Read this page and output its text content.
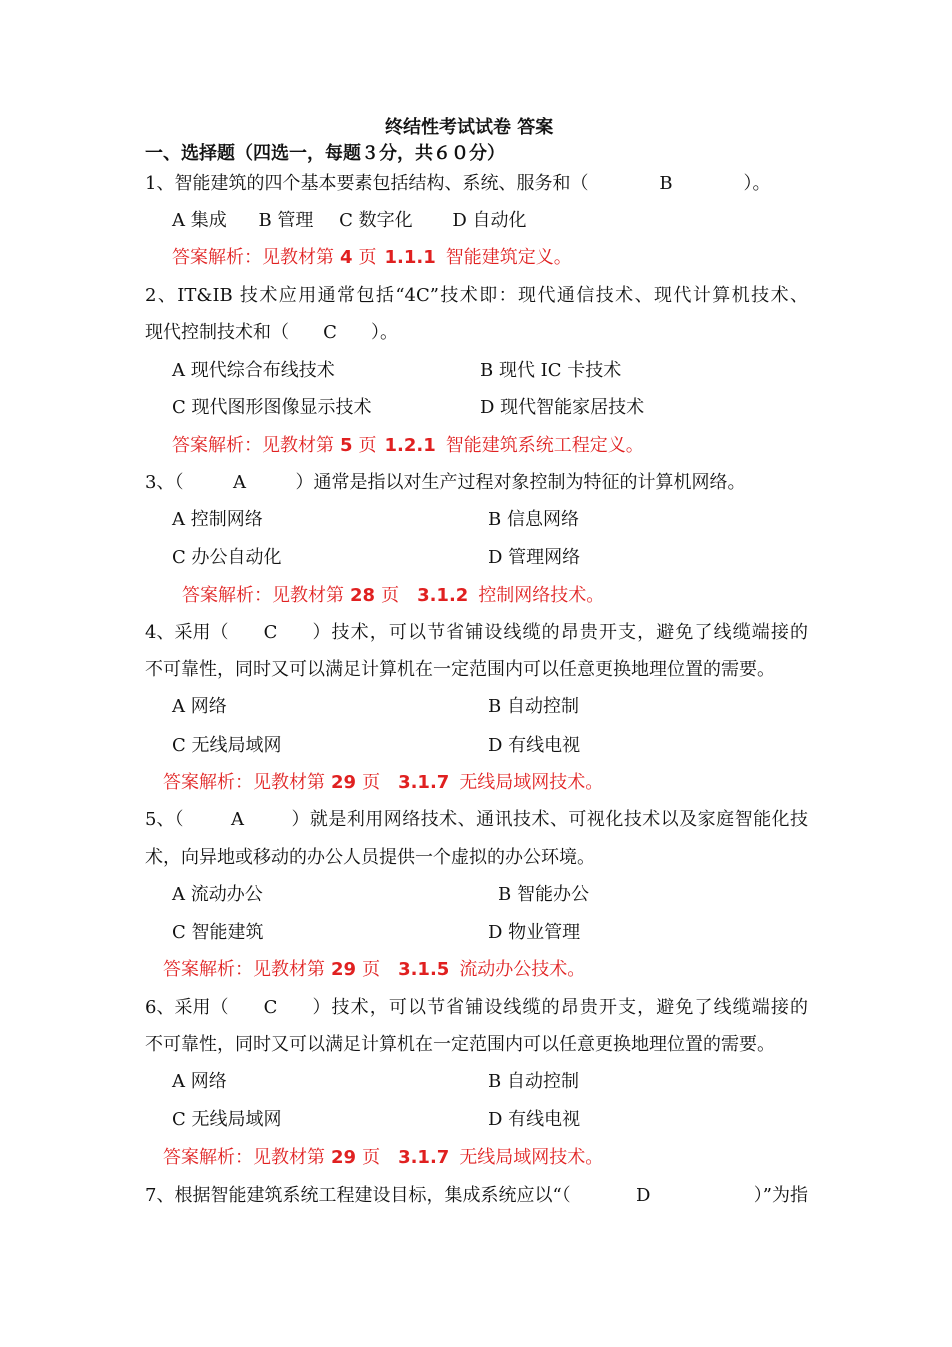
终结性考试试卷 答案
一、选择题（四选一，每题３分，共６０分）
1、智能建筑的四个基本要素包括结构、系统、服务和（	B	）。
A 集成 B 管理 C 数字化 D 自动化
答案解析：见教材第 4 页 1.1.1 智能建筑定义。
2、IT&IB 技术应用通常包括“4C”技术即：现代通信技术、现代计算机技术、
现代控制技术和（ C ）。
A 现代综合布线技术	B 现代 IC 卡技术
C 现代图形图像显示技术	D 现代智能家居技术
答案解析：见教材第 5 页 1.2.1 智能建筑系统工程定义。
3、（	A	）通常是指以对生产过程对象控制为特征的计算机网络。
A 控制网络	B 信息网络
C 办公自动化	D 管理网络
答案解析：见教材第 28 页 3.1.2 控制网络技术。
4、采用（	C	）技术，可以节省铺设线缆的昂贵开支，避免了线缆端接的
不可靠性，同时又可以满足计算机在一定范围内可以任意更换地理位置的需要。
A 网络	B 自动控制
C 无线局域网	D 有线电视
答案解析：见教材第 29 页 3.1.7 无线局域网技术。
5、（	A	）就是利用网络技术、通讯技术、可视化技术以及家庭智能化技
术，向异地或移动的办公人员提供一个虚拟的办公环境。
A 流动办公	B 智能办公
C 智能建筑	D 物业管理
答案解析：见教材第 29 页 3.1.5 流动办公技术。
6、采用（	C	）技术，可以节省铺设线缆的昂贵开支，避免了线缆端接的
不可靠性，同时又可以满足计算机在一定范围内可以任意更换地理位置的需要。
A 网络	B 自动控制
C 无线局域网	D 有线电视
答案解析：见教材第 29 页 3.1.7 无线局域网技术。
7、根据智能建筑系统工程建设目标，集成系统应以“（	D	）”为指
